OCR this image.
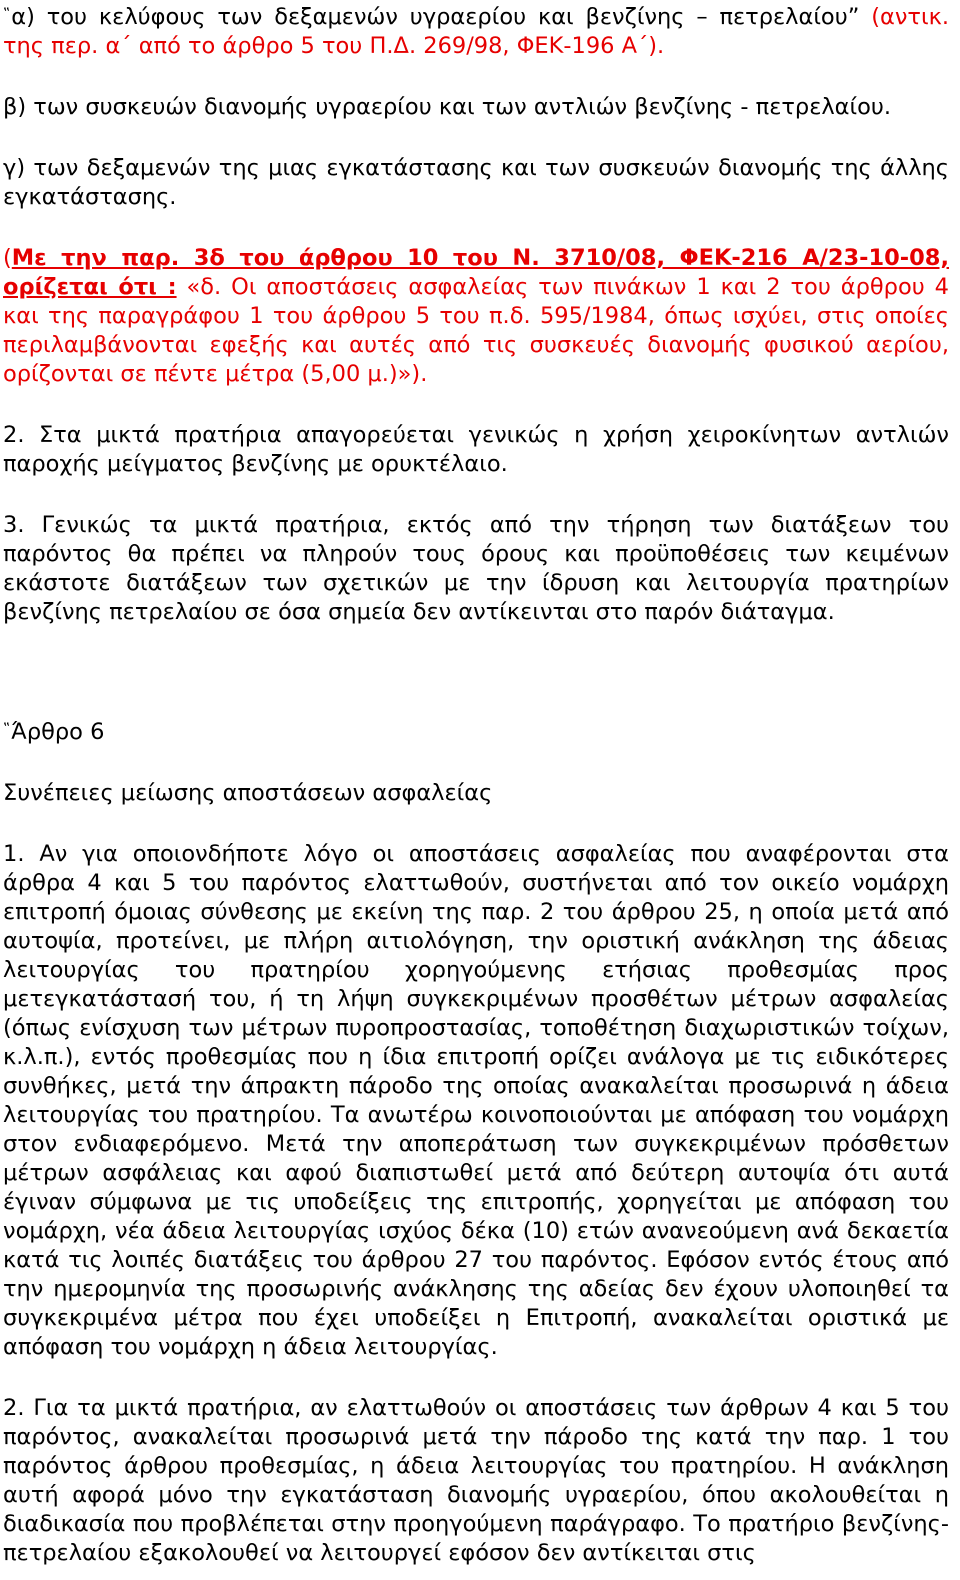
‟α) του κελύφους των δεξαμενών υγραερίου και βενζίνης – πετρελαίου” (αντικ. της περ. α΄ από το άρθρο 5 του Π.Δ. 269/98, ΦΕΚ-196 Α΄).

β) των συσκευών διανομής υγραερίου και των αντλιών βενζίνης - πετρελαίου.

γ) των δεξαμενών της μιας εγκατάστασης και των συσκευών διανομής της άλλης εγκατάστασης.

(Με την παρ. 3δ του άρθρου 10 του Ν. 3710/08, ΦΕΚ-216 Α/23-10-08, ορίζεται ότι : «δ. Οι αποστάσεις ασφαλείας των πινάκων 1 και 2 του άρθρου 4 και της παραγράφου 1 του άρθρου 5 του π.δ. 595/1984, όπως ισχύει, στις οποίες περιλαμβάνονται εφεξής και αυτές από τις συσκευές διανομής φυσικού αερίου, ορίζονται σε πέντε μέτρα (5,00 μ.)»).

2. Στα μικτά πρατήρια απαγορεύεται γενικώς η χρήση χειροκίνητων αντλιών παροχής μείγματος βενζίνης με ορυκτέλαιο.

3. Γενικώς τα μικτά πρατήρια, εκτός από την τήρηση των διατάξεων του παρόντος θα πρέπει να πληρούν τους όρους και προϋποθέσεις των κειμένων εκάστοτε διατάξεων των σχετικών με την ίδρυση και λειτουργία πρατηρίων βενζίνης πετρελαίου σε όσα σημεία δεν αντίκεινται στο παρόν διάταγμα.

‟Άρθρο 6

Συνέπειες μείωσης αποστάσεων ασφαλείας

1. Αν για οποιονδήποτε λόγο οι αποστάσεις ασφαλείας που αναφέρονται στα άρθρα 4 και 5 του παρόντος ελαττωθούν, συστήνεται από τον οικείο νομάρχη επιτροπή όμοιας σύνθεσης με εκείνη της παρ. 2 του άρθρου 25, η οποία μετά από αυτοψία, προτείνει, με πλήρη αιτιολόγηση, την οριστική ανάκληση της άδειας λειτουργίας του πρατηρίου χορηγούμενης ετήσιας προθεσμίας προς μετεγκατάστασή του, ή τη λήψη συγκεκριμένων προσθέτων μέτρων ασφαλείας (όπως ενίσχυση των μέτρων πυροπροστασίας, τοποθέτηση διαχωριστικών τοίχων, κ.λ.π.), εντός προθεσμίας που η ίδια επιτροπή ορίζει ανάλογα με τις ειδικότερες συνθήκες, μετά την άπρακτη πάροδο της οποίας ανακαλείται προσωρινά η άδεια λειτουργίας του πρατηρίου. Τα ανωτέρω κοινοποιούνται με απόφαση του νομάρχη στον ενδιαφερόμενο. Μετά την αποπεράτωση των συγκεκριμένων πρόσθετων μέτρων ασφάλειας και αφού διαπιστωθεί μετά από δεύτερη αυτοψία ότι αυτά έγιναν σύμφωνα με τις υποδείξεις της επιτροπής, χορηγείται με απόφαση του νομάρχη, νέα άδεια λειτουργίας ισχύος δέκα (10) ετών ανανεούμενη ανά δεκαετία κατά τις λοιπές διατάξεις του άρθρου 27 του παρόντος. Εφόσον εντός έτους από την ημερομηνία της προσωρινής ανάκλησης της αδείας δεν έχουν υλοποιηθεί τα συγκεκριμένα μέτρα που έχει υποδείξει η Επιτροπή, ανακαλείται οριστικά με απόφαση του νομάρχη η άδεια λειτουργίας.

2. Για τα μικτά πρατήρια, αν ελαττωθούν οι αποστάσεις των άρθρων 4 και 5 του παρόντος, ανακαλείται προσωρινά μετά την πάροδο της κατά την παρ. 1 του παρόντος άρθρου προθεσμίας, η άδεια λειτουργίας του πρατηρίου. Η ανάκληση αυτή αφορά μόνο την εγκατάσταση διανομής υγραερίου, όπου ακολουθείται η διαδικασία που προβλέπεται στην προηγούμενη παράγραφο. Το πρατήριο βενζίνης- πετρελαίου εξακολουθεί να λειτουργεί εφόσον δεν αντίκειται στις
